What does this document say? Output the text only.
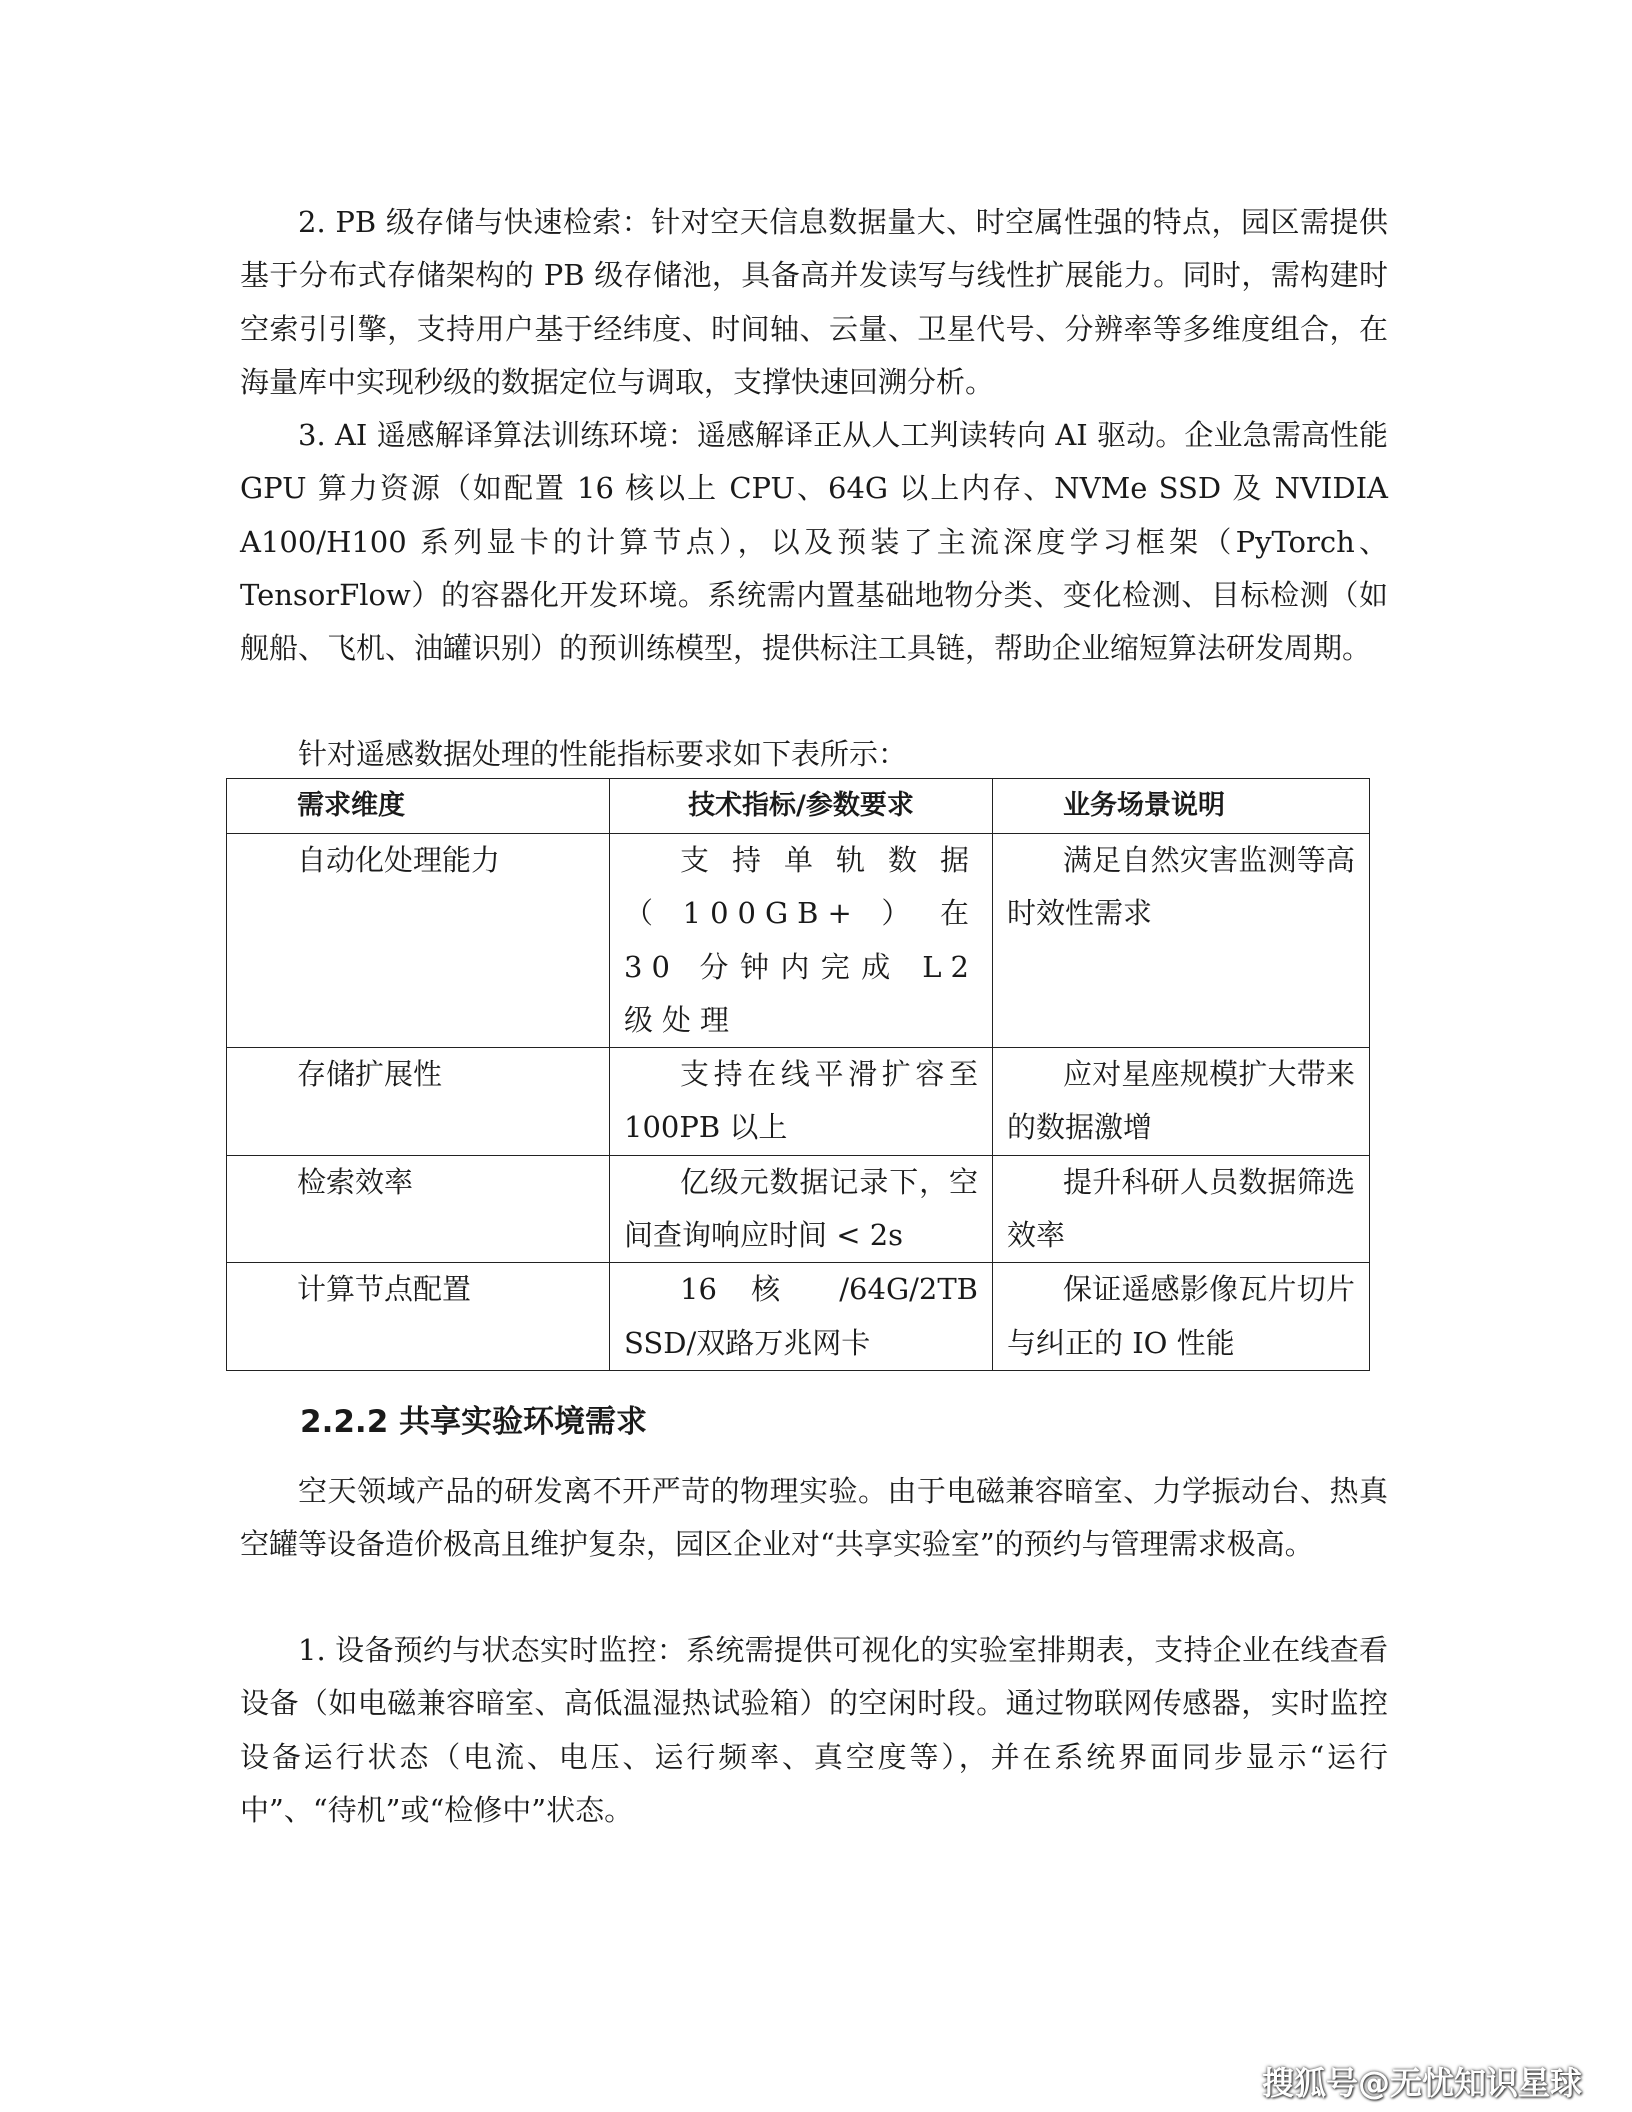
2. PB 级存储与快速检索：针对空天信息数据量大、时空属性强的特点，园区需提供基于分布式存储架构的 PB 级存储池，具备高并发读写与线性扩展能力。同时，需构建时空索引引擎，支持用户基于经纬度、时间轴、云量、卫星代号、分辨率等多维度组合，在海量库中实现秒级的数据定位与调取，支撑快速回溯分析。

3. AI 遥感解译算法训练环境：遥感解译正从人工判读转向 AI 驱动。企业急需高性能 GPU 算力资源（如配置 16 核以上 CPU、64G 以上内存、NVMe SSD 及 NVIDIA A100/H100 系列显卡的计算节点），以及预装了主流深度学习框架（PyTorch、TensorFlow）的容器化开发环境。系统需内置基础地物分类、变化检测、目标检测（如舰船、飞机、油罐识别）的预训练模型，提供标注工具链，帮助企业缩短算法研发周期。

针对遥感数据处理的性能指标要求如下表所示：

需求维度	技术指标/参数要求	业务场景说明
自动化处理能力	支持单轨数据（100GB+）在 30 分钟内完成 L2 级处理	满足自然灾害监测等高时效性需求

存储扩展性	支持在线平滑扩容至 100PB 以上	应对星座规模扩大带来的数据激增

检索效率	亿级元数据记录下，空间查询响应时间 < 2s	提升科研人员数据筛选效率

计算节点配置	16 核 /64G/2TB SSD/双路万兆网卡	保证遥感影像瓦片切片与纠正的 IO 性能
2.2.2 共享实验环境需求

空天领域产品的研发离不开严苛的物理实验。由于电磁兼容暗室、力学振动台、热真空罐等设备造价极高且维护复杂，园区企业对“共享实验室”的预约与管理需求极高。

1. 设备预约与状态实时监控：系统需提供可视化的实验室排期表，支持企业在线查看设备（如电磁兼容暗室、高低温湿热试验箱）的空闲时段。通过物联网传感器，实时监控设备运行状态（电流、电压、运行频率、真空度等），并在系统界面同步显示“运行中”、“待机”或“检修中”状态。

搜狐号@无忧知识星球
